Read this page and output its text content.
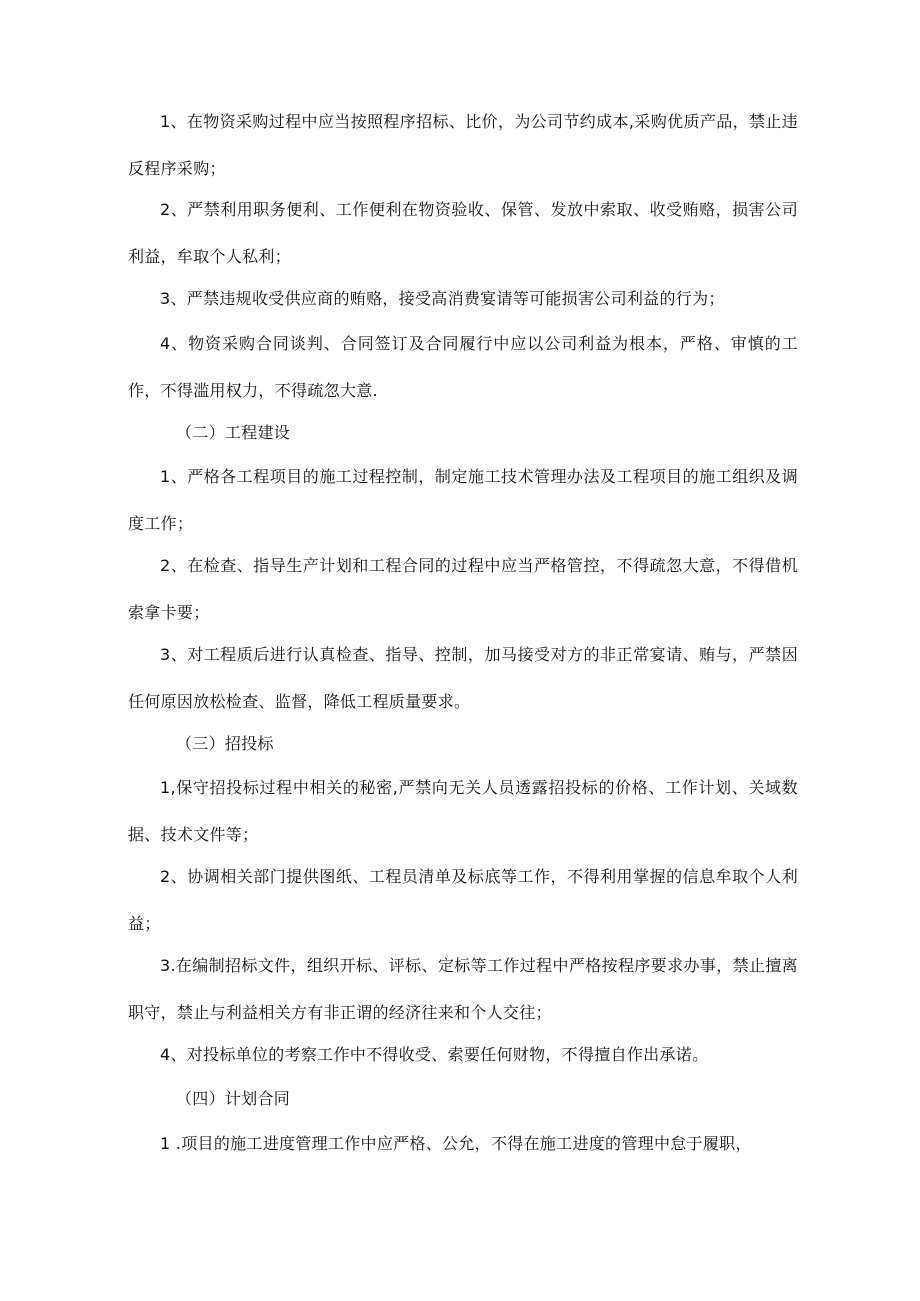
1、在物资采购过程中应当按照程序招标、比价，为公司节约成本,采购优质产品，禁止违反程序采购；

2、严禁利用职务便利、工作便利在物资验收、保管、发放中索取、收受贿赂，损害公司利益，牟取个人私利；

3、严禁违规收受供应商的贿赂，接受高消费宴请等可能损害公司利益的行为；

4、物资采购合同谈判、合同签订及合同履行中应以公司利益为根本，严格、审慎的工作，不得滥用权力，不得疏忽大意.

（二）工程建设

1、严格各工程项目的施工过程控制，制定施工技术管理办法及工程项目的施工组织及调度工作；

2、在检查、指导生产计划和工程合同的过程中应当严格管控，不得疏忽大意，不得借机索拿卡要；

3、对工程质后进行认真检查、指导、控制，加马接受对方的非正常宴请、贿与，严禁因任何原因放松检查、监督，降低工程质量要求。

（三）招投标

1,保守招投标过程中相关的秘密,严禁向无关人员透露招投标的价格、工作计划、关域数据、技术文件等；

2、协调相关部门提供图纸、工程员清单及标底等工作，不得利用掌握的信息牟取个人利益；

3.在编制招标文件，组织开标、评标、定标等工作过程中严格按程序要求办事，禁止擅离职守，禁止与利益相关方有非正谓的经济往来和个人交往；

4、对投标单位的考察工作中不得收受、索要任何财物，不得擅自作出承诺。

（四）计划合同

1 .项目的施工进度管理工作中应严格、公允，不得在施工进度的管理中怠于履职，
